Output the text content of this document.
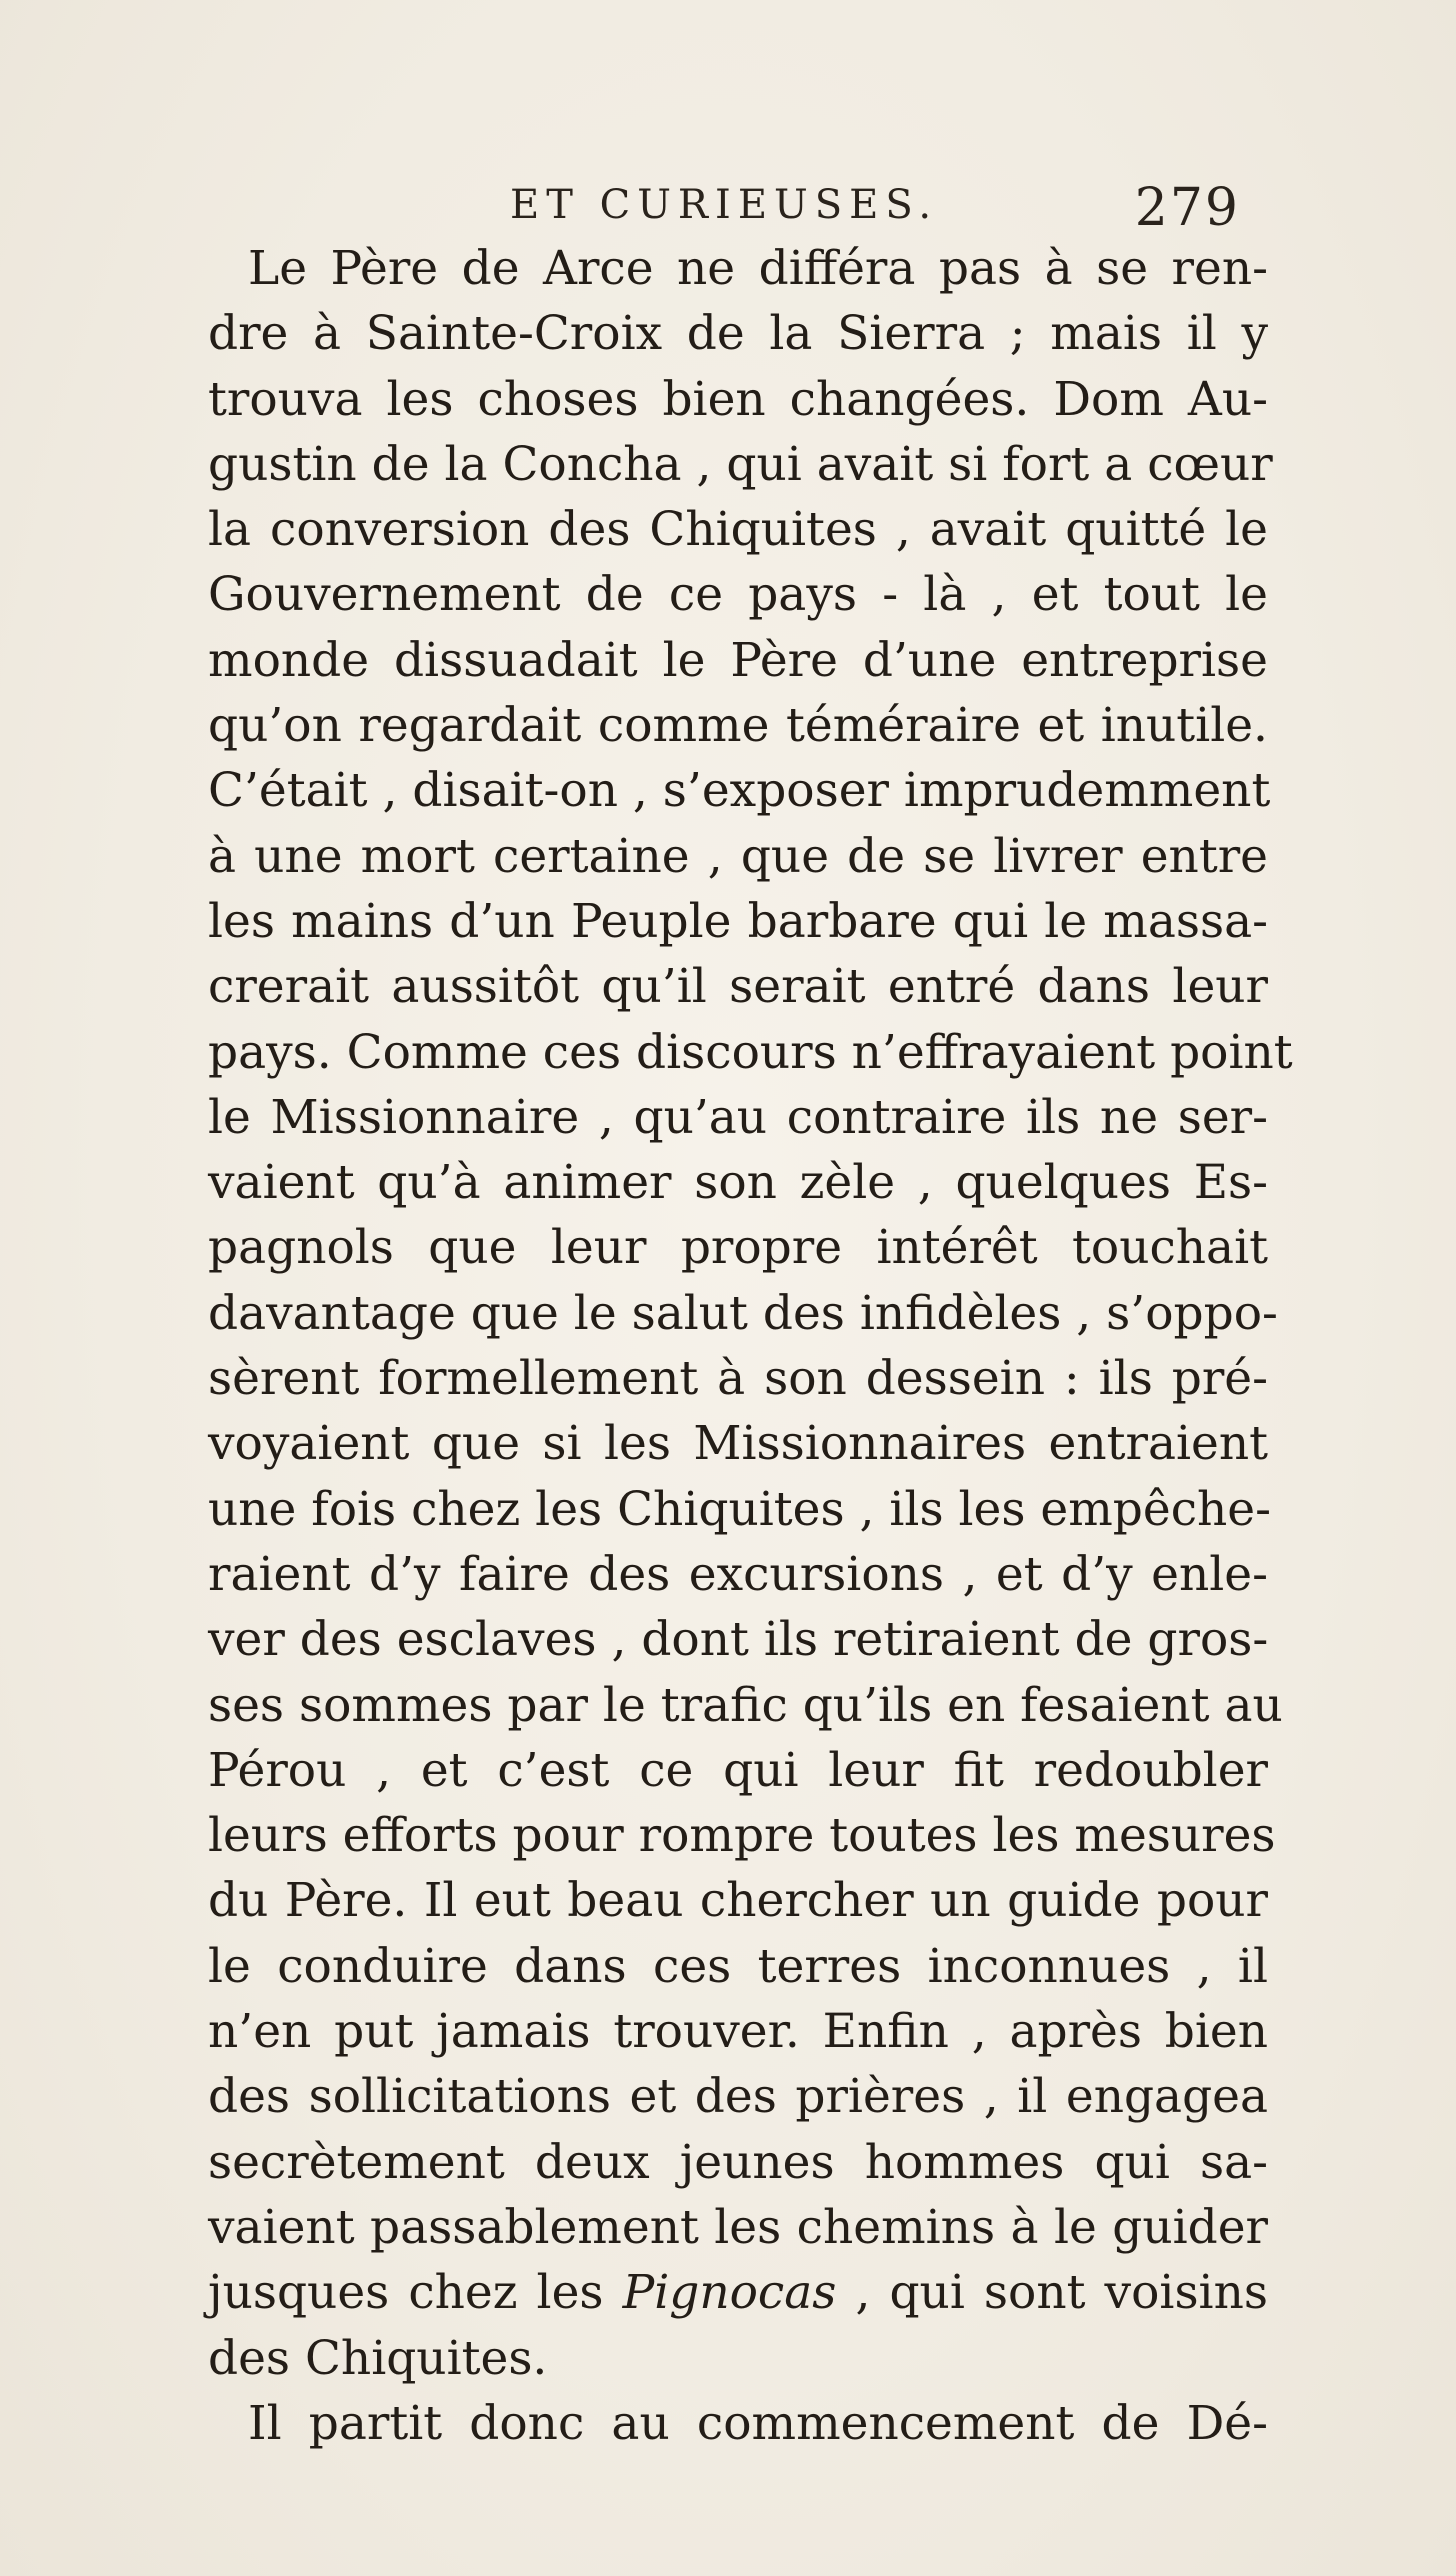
ET CURIEUSES.	279
Le Père de Arce ne différa pas à se ren-
dre à Sainte-Croix de la Sierra ; mais il y
trouva les choses bien changées. Dom Au-
gustin de la Concha , qui avait si fort a cœur
la conversion des Chiquites , avait quitté le
Gouvernement de ce pays - là , et tout le
monde dissuadait le Père d’une entreprise
qu’on regardait comme téméraire et inutile.
C’était , disait-on , s’exposer imprudemment
à une mort certaine , que de se livrer entre
les mains d’un Peuple barbare qui le massa-
crerait aussitôt qu’il serait entré dans leur
pays. Comme ces discours n’effrayaient point
le Missionnaire , qu’au contraire ils ne ser-
vaient qu’à animer son zèle , quelques Es-
pagnols que leur propre intérêt touchait
davantage que le salut des infidèles , s’oppo-
sèrent formellement à son dessein : ils pré-
voyaient que si les Missionnaires entraient
une fois chez les Chiquites , ils les empêche-
raient d’y faire des excursions , et d’y enle-
ver des esclaves , dont ils retiraient de gros-
ses sommes par le trafic qu’ils en fesaient au
Pérou , et c’est ce qui leur fit redoubler
leurs efforts pour rompre toutes les mesures
du Père. Il eut beau chercher un guide pour
le conduire dans ces terres inconnues , il
n’en put jamais trouver. Enfin , après bien
des sollicitations et des prières , il engagea
secrètement deux jeunes hommes qui sa-
vaient passablement les chemins à le guider
jusques chez les Pignocas , qui sont voisins
des Chiquites.
Il partit donc au commencement de Dé-
